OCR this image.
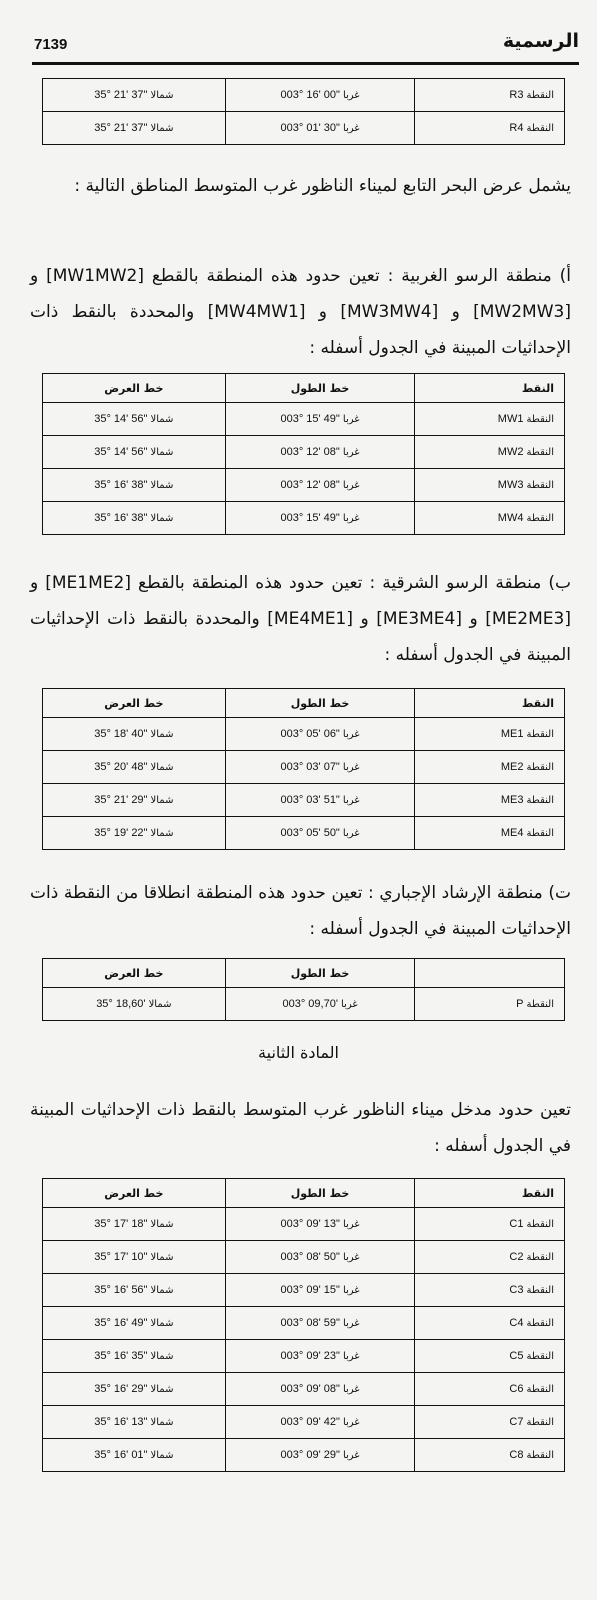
7139	الرسمية
النقطة R3	003° 16' 00" غربا	35° 21' 37" شمالا
النقطة R4	003° 01' 30" غربا	35° 21' 37" شمالا
يشمل عرض البحر التابع لميناء الناظور غرب المتوسط المناطق التالية :
أ) منطقة الرسو الغربية : تعين حدود هذه المنطقة بالقطع [MW1MW2] و [MW2MW3] و [MW3MW4] و [MW4MW1] والمحددة بالنقط ذات الإحداثيات المبينة في الجدول أسفله :
النقط	خط الطول	خط العرض
النقطة MW1	003° 15' 49" غربا	35° 14' 56" شمالا
النقطة MW2	003° 12' 08" غربا	35° 14' 56" شمالا
النقطة MW3	003° 12' 08" غربا	35° 16' 38" شمالا
النقطة MW4	003° 15' 49" غربا	35° 16' 38" شمالا
ب) منطقة الرسو الشرقية : تعين حدود هذه المنطقة بالقطع [ME1ME2] و [ME2ME3] و [ME3ME4] و [ME4ME1] والمحددة بالنقط ذات الإحداثيات المبينة في الجدول أسفله :
النقط	خط الطول	خط العرض
النقطة ME1	003° 05' 06" غربا	35° 18' 40" شمالا
النقطة ME2	003° 03' 07" غربا	35° 20' 48" شمالا
النقطة ME3	003° 03' 51" غربا	35° 21' 29" شمالا
النقطة ME4	003° 05' 50" غربا	35° 19' 22" شمالا
ت) منطقة الإرشاد الإجباري : تعين حدود هذه المنطقة انطلاقا من النقطة ذات الإحداثيات المبينة في الجدول أسفله :
	خط الطول	خط العرض
النقطة P	003° 09,70' غربا	35° 18,60' شمالا
المادة الثانية
تعين حدود مدخل ميناء الناظور غرب المتوسط بالنقط ذات الإحداثيات المبينة في الجدول أسفله :
النقط	خط الطول	خط العرض
النقطة C1	003° 09' 13" غربا	35° 17' 18" شمالا
النقطة C2	003° 08' 50" غربا	35° 17' 10" شمالا
النقطة C3	003° 09' 15" غربا	35° 16' 56" شمالا
النقطة C4	003° 08' 59" غربا	35° 16' 49" شمالا
النقطة C5	003° 09' 23" غربا	35° 16' 35" شمالا
النقطة C6	003° 09' 08" غربا	35° 16' 29" شمالا
النقطة C7	003° 09' 42" غربا	35° 16' 13" شمالا
النقطة C8	003° 09' 29" غربا	35° 16' 01" شمالا
